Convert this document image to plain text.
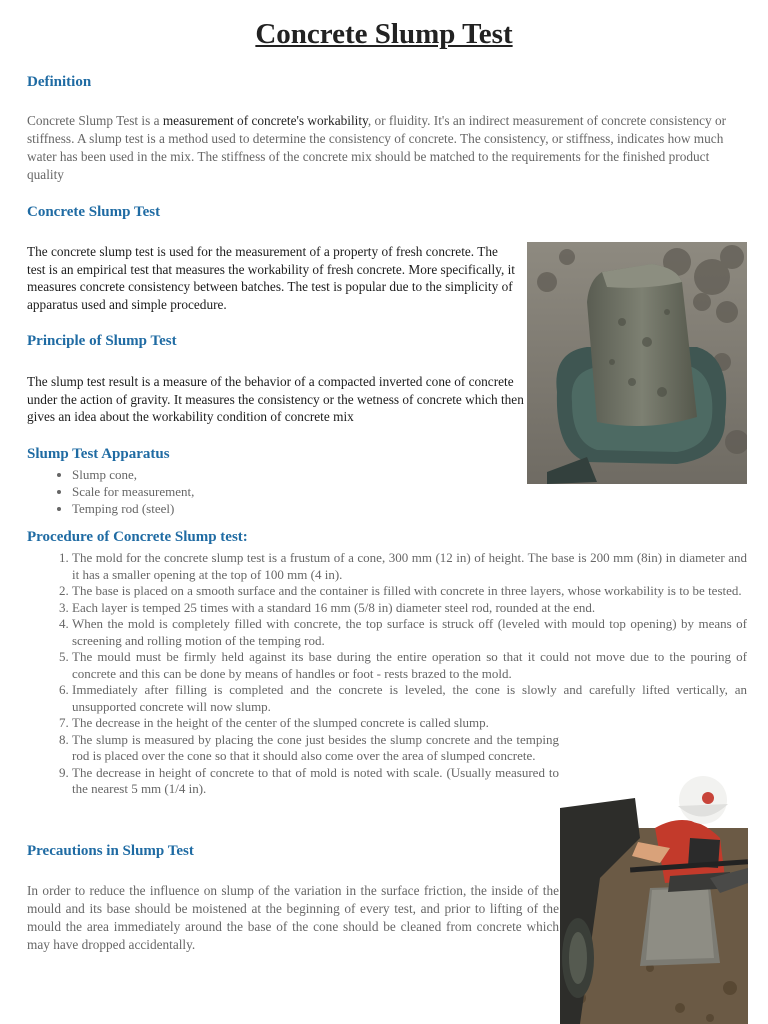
Concrete Slump Test
Definition

Concrete Slump Test is a measurement of concrete's workability, or fluidity. It's an indirect measurement of concrete consistency or stiffness. A slump test is a method used to determine the consistency of concrete. The consistency, or stiffness, indicates how much water has been used in the mix. The stiffness of the concrete mix should be matched to the requirements for the finished product quality

Concrete Slump Test

The concrete slump test is used for the measurement of a property of fresh concrete. The test is an empirical test that measures the workability of fresh concrete. More specifically, it measures concrete consistency between batches. The test is popular due to the simplicity of apparatus used and simple procedure.

Principle of Slump Test

The slump test result is a measure of the behavior of a compacted inverted cone of concrete under the action of gravity. It measures the consistency or the wetness of concrete which then gives an idea about the workability condition of concrete mix

Slump Test Apparatus
• Slump cone,
• Scale for measurement,
• Temping rod (steel)
Procedure of Concrete Slump test:
1. The mold for the concrete slump test is a frustum of a cone, 300 mm (12 in) of height. The base is 200 mm (8in) in diameter and it has a smaller opening at the top of 100 mm (4 in).
2. The base is placed on a smooth surface and the container is filled with concrete in three layers, whose workability is to be tested.
3. Each layer is temped 25 times with a standard 16 mm (5/8 in) diameter steel rod, rounded at the end.
4. When the mold is completely filled with concrete, the top surface is struck off (leveled with mould top opening) by means of screening and rolling motion of the temping rod.
5. The mould must be firmly held against its base during the entire operation so that it could not move due to the pouring of concrete and this can be done by means of handles or foot - rests brazed to the mold.
6. Immediately after filling is completed and the concrete is leveled, the cone is slowly and carefully lifted vertically, an unsupported concrete will now slump.
7. The decrease in the height of the center of the slumped concrete is called slump.
8. The slump is measured by placing the cone just besides the slump concrete and the temping rod is placed over the cone so that it should also come over the area of slumped concrete.
9. The decrease in height of concrete to that of mold is noted with scale. (Usually measured to the nearest 5 mm (1/4 in).
Precautions in Slump Test

In order to reduce the influence on slump of the variation in the surface friction, the inside of the mould and its base should be moistened at the beginning of every test, and prior to lifting of the mould the area immediately around the base of the cone should be cleaned from concrete which may have dropped accidentally.
